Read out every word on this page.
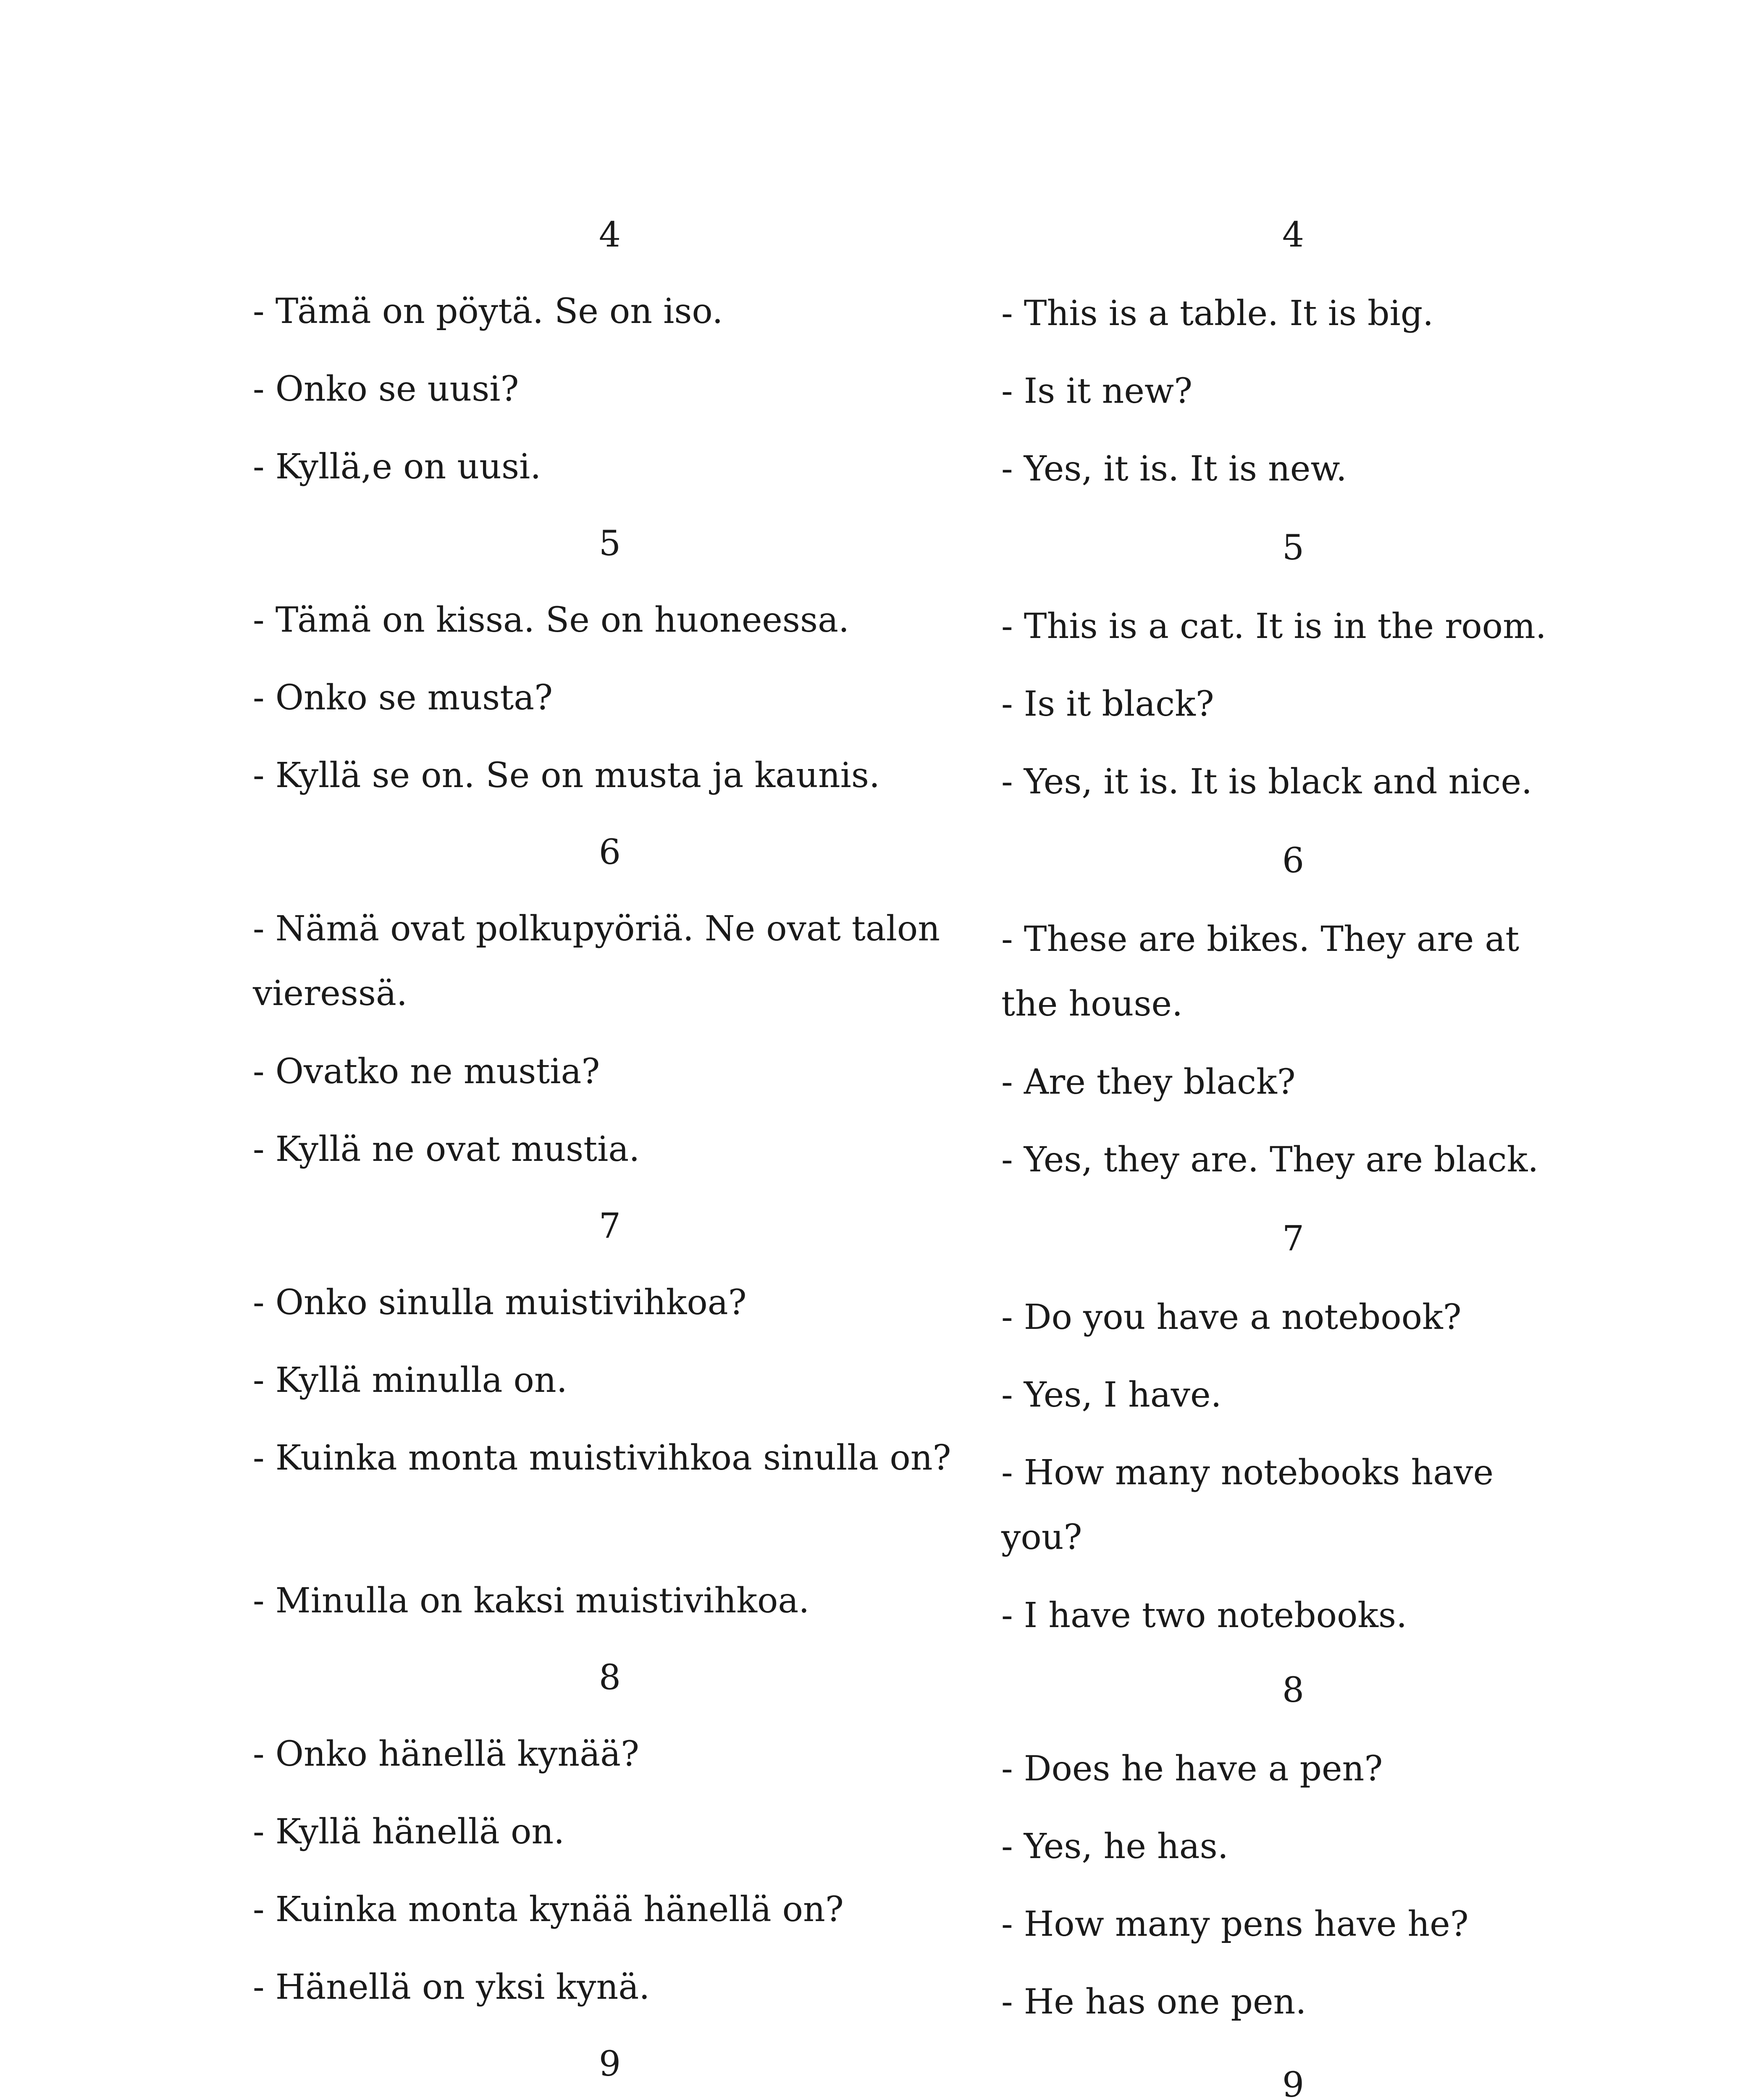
4

- Tämä on pöytä. Se on iso.

- Onko se uusi?

- Kyllä,e on uusi.

5

- Tämä on kissa. Se on huoneessa.

- Onko se musta?

- Kyllä se on. Se on musta ja kaunis.

6

- Nämä ovat polkupyöriä. Ne ovat talon vieressä.

- Ovatko ne mustia?

- Kyllä ne ovat mustia.

7

- Onko sinulla muistivihkoa?

- Kyllä minulla on.

- Kuinka monta muistivihkoa sinulla on?

- Minulla on kaksi muistivihkoa.

8

- Onko hänellä kynää?

- Kyllä hänellä on.

- Kuinka monta kynää hänellä on?

- Hänellä on yksi kynä.

9

4

- This is a table. It is big.

- Is it new?

- Yes, it is. It is new.

5

- This is a cat. It is in the room.

- Is it black?

- Yes, it is. It is black and nice.

6

- These are bikes. They are at the house.

- Are they black?

- Yes, they are. They are black.

7

- Do you have a notebook?

- Yes, I have.

- How many notebooks have you?

- I have two notebooks.

8

- Does he have a pen?

- Yes, he has.

- How many pens have he?

- He has one pen.

9
